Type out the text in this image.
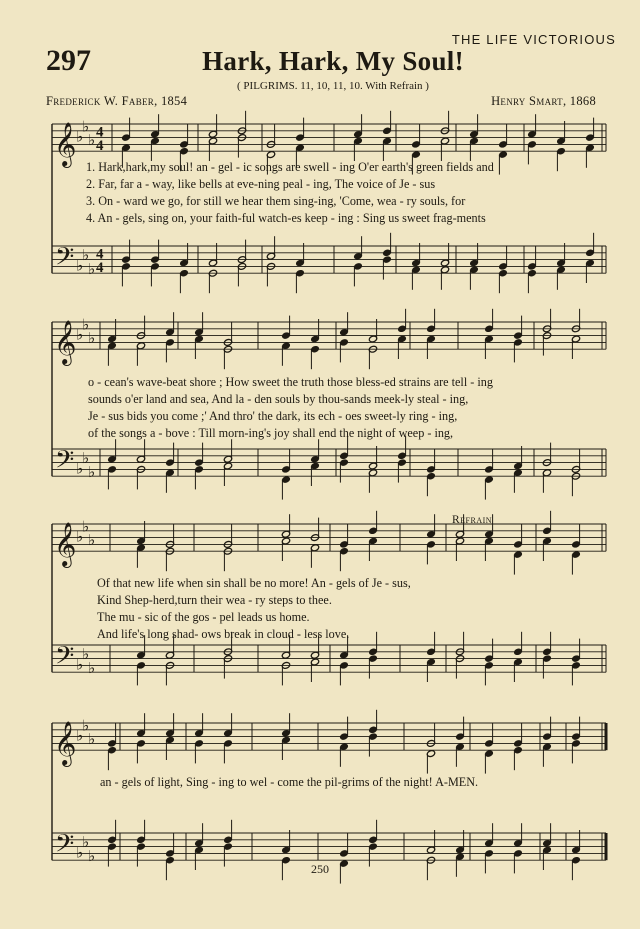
THE LIFE VICTORIOUS
297	Hark, Hark, My Soul!
( PILGRIMS. 11, 10, 11, 10. With Refrain )
Frederick W. Faber, 1854	Henry Smart, 1868
𝄞
𝄢
♭
♭
♭
♭
♭
♭
4
4
4
4
𝄞
𝄢
♭
♭
♭
♭
♭
♭
𝄞
𝄢
♭
♭
♭
♭
♭
♭
𝄞
𝄢
♭
♭
♭
♭
♭
♭
Refrain
1. Hark,hark,my soul! an - gel - ic songs are swell - ing O'er earth's green fields and
2. Far, far a - way, like bells at eve-ning peal - ing, The voice of Je - sus
3. On - ward we go, for still we hear them sing-ing, 'Come, wea - ry souls, for
4. An - gels, sing on, your faith-ful watch-es keep - ing : Sing us sweet frag-ments
o - cean's wave-beat shore ; How sweet the truth those bless-ed strains are tell - ing
sounds o'er land and sea, And la - den souls by thou-sands meek-ly steal - ing,
Je - sus bids you come ;' And thro' the dark, its ech - oes sweet-ly ring - ing,
of the songs a - bove : Till morn-ing's joy shall end the night of weep - ing,
Of that new life when sin shall be no more! An - gels of Je - sus,
Kind Shep-herd,turn their wea - ry steps to thee.
The mu - sic of the gos - pel leads us home.
And life's long shad- ows break in cloud - less love.
an - gels of light, Sing - ing to wel - come the pil-grims of the night! A-MEN.
250
